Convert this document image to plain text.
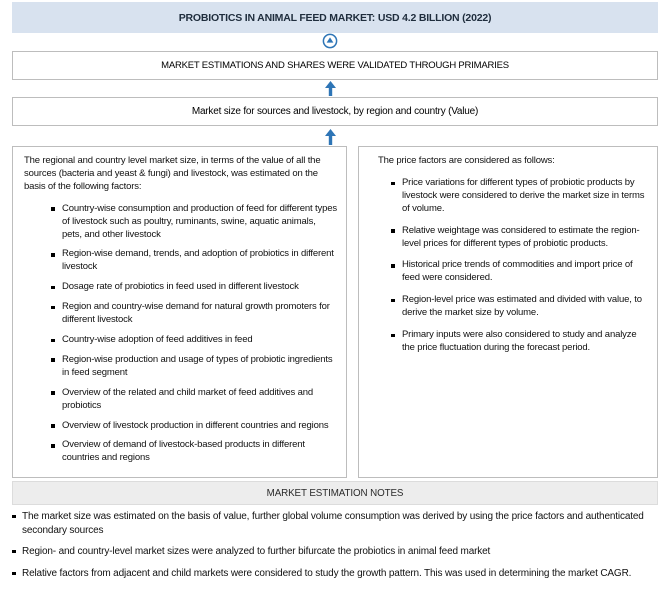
PROBIOTICS IN ANIMAL FEED MARKET: USD 4.2 BILLION (2022)
MARKET ESTIMATIONS AND SHARES WERE VALIDATED THROUGH PRIMARIES
Market size for sources and livestock, by region and country (Value)
The regional and country level market size, in terms of the value of all the sources (bacteria and yeast & fungi) and livestock, was estimated on the basis of the following factors:
Country-wise consumption and production of feed for different types of livestock such as poultry, ruminants, swine, aquatic animals, pets, and other livestock
Region-wise demand, trends, and adoption of probiotics in different livestock
Dosage rate of probiotics in feed used in different livestock
Region and country-wise demand for natural growth promoters for different livestock
Country-wise adoption of feed additives in feed
Region-wise production and usage of types of probiotic ingredients in feed segment
Overview of the related and child market of feed additives and probiotics
Overview of livestock production in different countries and regions
Overview of demand of livestock-based products in different countries and regions
The price factors are considered as follows:
Price variations for different types of probiotic products by livestock were considered to derive the market size in terms of volume.
Relative weightage was considered to estimate the region-level prices for different types of probiotic products.
Historical price trends of commodities and import price of feed were considered.
Region-level price was estimated and divided with value, to derive the market size by volume.
Primary inputs were also considered to study and analyze the price fluctuation during the forecast period.
MARKET ESTIMATION NOTES
The market size was estimated on the basis of value, further global volume consumption was derived by using the price factors and authenticated secondary sources
Region- and country-level market sizes were analyzed to further bifurcate the probiotics in animal feed market
Relative factors from adjacent and child markets were considered to study the growth pattern. This was used in determining the market CAGR.
